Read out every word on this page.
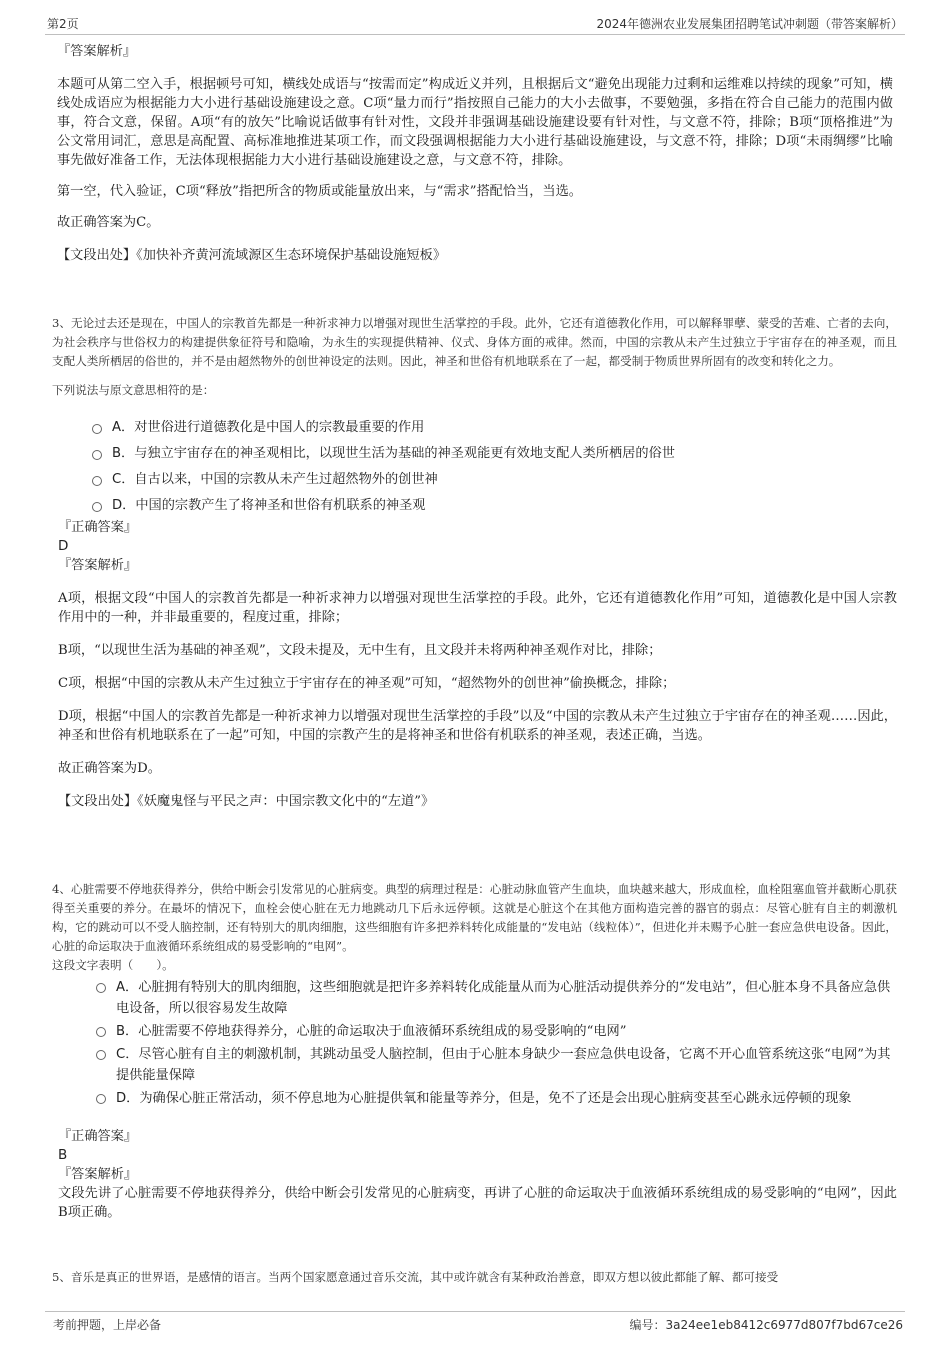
第2页	2024年德洲农业发展集团招聘笔试冲刺题（带答案解析）

『答案解析』

本题可从第二空入手，根据顿号可知，横线处成语与“按需而定”构成近义并列，且根据后文“避免出现能力过剩和运维难以持续的现象”可知，横线处成语应为根据能力大小进行基础设施建设之意。C项“量力而行”指按照自己能力的大小去做事，不要勉强，多指在符合自己能力的范围内做事，符合文意，保留。A项“有的放矢”比喻说话做事有针对性，文段并非强调基础设施建设要有针对性，与文意不符，排除；B项“顶格推进”为公文常用词汇，意思是高配置、高标准地推进某项工作，而文段强调根据能力大小进行基础设施建设，与文意不符，排除；D项“未雨绸缪”比喻事先做好准备工作，无法体现根据能力大小进行基础设施建设之意，与文意不符，排除。

第一空，代入验证，C项“释放”指把所含的物质或能量放出来，与“需求”搭配恰当，当选。

故正确答案为C。

【文段出处】《加快补齐黄河流域源区生态环境保护基础设施短板》

3、无论过去还是现在，中国人的宗教首先都是一种祈求神力以增强对现世生活掌控的手段。此外，它还有道德教化作用，可以解释罪孽、蒙受的苦难、亡者的去向，为社会秩序与世俗权力的构建提供象征符号和隐喻，为永生的实现提供精神、仪式、身体方面的戒律。然而，中国的宗教从未产生过独立于宇宙存在的神圣观，而且支配人类所栖居的俗世的，并不是由超然物外的创世神设定的法则。因此，神圣和世俗有机地联系在了一起，都受制于物质世界所固有的改变和转化之力。

下列说法与原文意思相符的是：

A．对世俗进行道德教化是中国人的宗教最重要的作用
B．与独立宇宙存在的神圣观相比，以现世生活为基础的神圣观能更有效地支配人类所栖居的俗世
C．自古以来，中国的宗教从未产生过超然物外的创世神
D．中国的宗教产生了将神圣和世俗有机联系的神圣观

『正确答案』

D

『答案解析』

A项，根据文段“中国人的宗教首先都是一种祈求神力以增强对现世生活掌控的手段。此外，它还有道德教化作用”可知，道德教化是中国人宗教作用中的一种，并非最重要的，程度过重，排除；

B项，“以现世生活为基础的神圣观”，文段未提及，无中生有，且文段并未将两种神圣观作对比，排除；

C项，根据“中国的宗教从未产生过独立于宇宙存在的神圣观”可知，“超然物外的创世神”偷换概念，排除；

D项，根据“中国人的宗教首先都是一种祈求神力以增强对现世生活掌控的手段”以及“中国的宗教从未产生过独立于宇宙存在的神圣观……因此，神圣和世俗有机地联系在了一起”可知，中国的宗教产生的是将神圣和世俗有机联系的神圣观，表述正确，当选。

故正确答案为D。

【文段出处】《妖魔鬼怪与平民之声：中国宗教文化中的“左道”》

4、心脏需要不停地获得养分，供给中断会引发常见的心脏病变。典型的病理过程是：心脏动脉血管产生血块，血块越来越大，形成血栓，血栓阻塞血管并截断心肌获得至关重要的养分。在最坏的情况下，血栓会使心脏在无力地跳动几下后永远停顿。这就是心脏这个在其他方面构造完善的器官的弱点：尽管心脏有自主的刺激机构，它的跳动可以不受人脑控制，还有特别大的肌肉细胞，这些细胞有许多把养料转化成能量的“发电站（线粒体）”，但进化并未赐予心脏一套应急供电设备。因此，心脏的命运取决于血液循环系统组成的易受影响的“电网”。

这段文字表明（　　）。

A．心脏拥有特别大的肌肉细胞，这些细胞就是把许多养料转化成能量从而为心脏活动提供养分的“发电站”，但心脏本身不具备应急供电设备，所以很容易发生故障
B．心脏需要不停地获得养分，心脏的命运取决于血液循环系统组成的易受影响的“电网”
C．尽管心脏有自主的刺激机制，其跳动虽受人脑控制，但由于心脏本身缺少一套应急供电设备，它离不开心血管系统这张“电网”为其提供能量保障
D．为确保心脏正常活动，须不停息地为心脏提供氧和能量等养分，但是，免不了还是会出现心脏病变甚至心跳永远停顿的现象

『正确答案』

B

『答案解析』

文段先讲了心脏需要不停地获得养分，供给中断会引发常见的心脏病变，再讲了心脏的命运取决于血液循环系统组成的易受影响的“电网”，因此B项正确。

5、音乐是真正的世界语，是感情的语言。当两个国家愿意通过音乐交流，其中或许就含有某种政治善意，即双方想以彼此都能了解、都可接受

考前押题，上岸必备	编号：3a24ee1eb8412c6977d807f7bd67ce26
